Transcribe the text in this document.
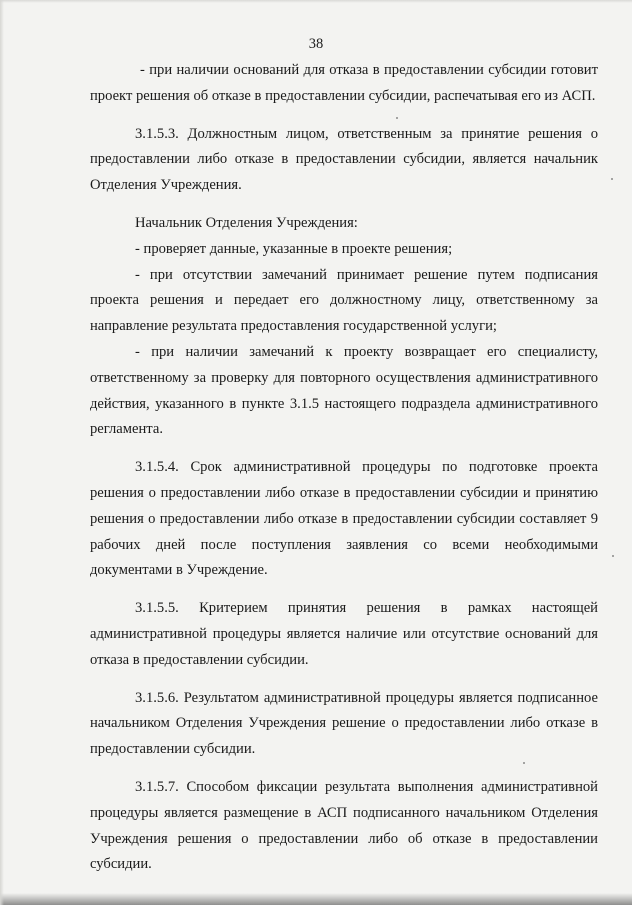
38

- при наличии оснований для отказа в предоставлении субсидии готовит проект решения об отказе в предоставлении субсидии, распечатывая его из АСП.

3.1.5.3. Должностным лицом, ответственным за принятие решения о предоставлении либо отказе в предоставлении субсидии, является начальник Отделения Учреждения.

Начальник Отделения Учреждения:

- проверяет данные, указанные в проекте решения;

- при отсутствии замечаний принимает решение путем подписания проекта решения и передает его должностному лицу, ответственному за направление результата предоставления государственной услуги;

- при наличии замечаний к проекту возвращает его специалисту, ответственному за проверку для повторного осуществления административного действия, указанного в пункте 3.1.5 настоящего подраздела административного регламента.

3.1.5.4. Срок административной процедуры по подготовке проекта решения о предоставлении либо отказе в предоставлении субсидии и принятию решения о предоставлении либо отказе в предоставлении субсидии составляет 9 рабочих дней после поступления заявления со всеми необходимыми документами в Учреждение.

3.1.5.5. Критерием принятия решения в рамках настоящей административной процедуры является наличие или отсутствие оснований для отказа в предоставлении субсидии.

3.1.5.6. Результатом административной процедуры является подписанное начальником Отделения Учреждения решение о предоставлении либо отказе в предоставлении субсидии.

3.1.5.7. Способом фиксации результата выполнения административной процедуры является размещение в АСП подписанного начальником Отделения Учреждения решения о предоставлении либо об отказе в предоставлении субсидии.
